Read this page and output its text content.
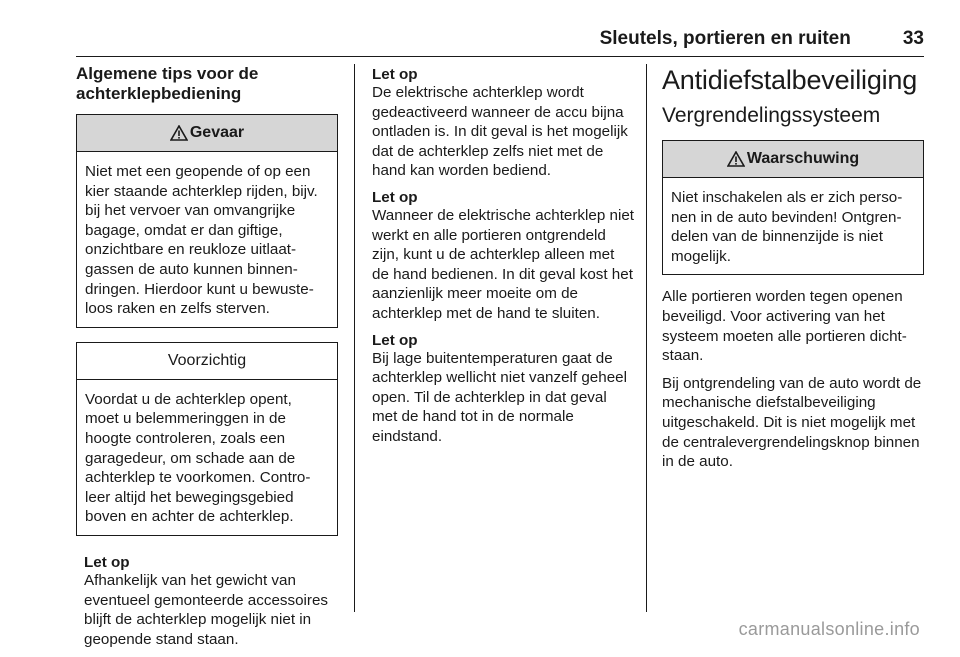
Sleutels, portieren en ruiten	33
Algemene tips voor de achterklepbediening
Gevaar
Niet met een geopende of op een kier staande achterklep rijden, bijv. bij het vervoer van omvangrijke bagage, omdat er dan giftige, onzichtbare en reukloze uitlaatgassen de auto kunnen binnendringen. Hierdoor kunt u bewusteloos raken en zelfs sterven.
Voorzichtig
Voordat u de achterklep opent, moet u belemmeringgen in de hoogte controleren, zoals een garagedeur, om schade aan de achterklep te voorkomen. Controleer altijd het bewegingsgebied boven en achter de achterklep.
Let op
Afhankelijk van het gewicht van eventueel gemonteerde accessoires blijft de achterklep mogelijk niet in geopende stand staan.
Let op
De elektrische achterklep wordt gedeactiveerd wanneer de accu bijna ontladen is. In dit geval is het mogelijk dat de achterklep zelfs niet met de hand kan worden bediend.
Let op
Wanneer de elektrische achterklep niet werkt en alle portieren ontgrendeld zijn, kunt u de achterklep alleen met de hand bedienen. In dit geval kost het aanzienlijk meer moeite om de achterklep met de hand te sluiten.
Let op
Bij lage buitentemperaturen gaat de achterklep wellicht niet vanzelf geheel open. Til de achterklep in dat geval met de hand tot in de normale eindstand.
Antidiefstalbeveiliging
Vergrendelingssysteem
Waarschuwing
Niet inschakelen als er zich personen in de auto bevinden! Ontgrendelen van de binnenzijde is niet mogelijk.
Alle portieren worden tegen openen beveiligd. Voor activering van het systeem moeten alle portieren dichtstaan.
Bij ontgrendeling van de auto wordt de mechanische diefstalbeveiliging uitgeschakeld. Dit is niet mogelijk met de centralevergrendelingsknop binnen in de auto.
carmanualsonline.info
